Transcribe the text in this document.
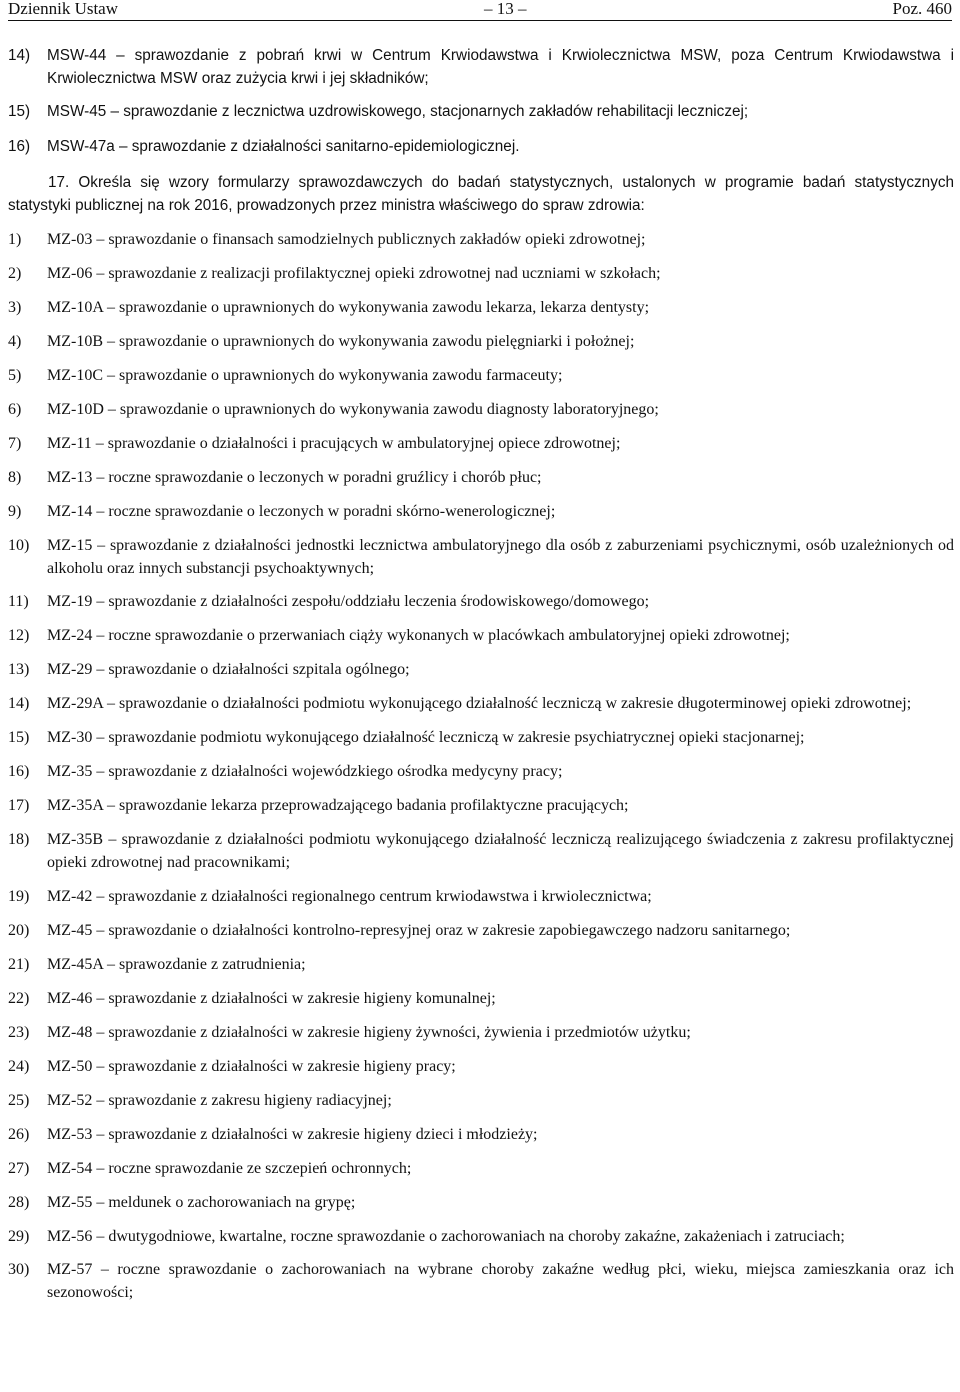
Dziennik Ustaw	– 13 –	Poz. 460
14)	MSW-44 – sprawozdanie z pobrań krwi w Centrum Krwiodawstwa i Krwiolecznictwa MSW, poza Centrum Krwiodawstwa i Krwiolecznictwa MSW oraz zużycia krwi i jej składników;
15)	MSW-45 – sprawozdanie z lecznictwa uzdrowiskowego, stacjonarnych zakładów rehabilitacji leczniczej;
16)	MSW-47a – sprawozdanie z działalności sanitarno-epidemiologicznej.
17. Określa się wzory formularzy sprawozdawczych do badań statystycznych, ustalonych w programie badań statystycznych statystyki publicznej na rok 2016, prowadzonych przez ministra właściwego do spraw zdrowia:
1)	MZ-03 – sprawozdanie o finansach samodzielnych publicznych zakładów opieki zdrowotnej;
2)	MZ-06 – sprawozdanie z realizacji profilaktycznej opieki zdrowotnej nad uczniami w szkołach;
3)	MZ-10A – sprawozdanie o uprawnionych do wykonywania zawodu lekarza, lekarza dentysty;
4)	MZ-10B – sprawozdanie o uprawnionych do wykonywania zawodu pielęgniarki i położnej;
5)	MZ-10C – sprawozdanie o uprawnionych do wykonywania zawodu farmaceuty;
6)	MZ-10D – sprawozdanie o uprawnionych do wykonywania zawodu diagnosty laboratoryjnego;
7)	MZ-11 – sprawozdanie o działalności i pracujących w ambulatoryjnej opiece zdrowotnej;
8)	MZ-13 – roczne sprawozdanie o leczonych w poradni gruźlicy i chorób płuc;
9)	MZ-14 – roczne sprawozdanie o leczonych w poradni skórno-wenerologicznej;
10)	MZ-15 – sprawozdanie z działalności jednostki lecznictwa ambulatoryjnego dla osób z zaburzeniami psychicznymi, osób uzależnionych od alkoholu oraz innych substancji psychoaktywnych;
11)	MZ-19 – sprawozdanie z działalności zespołu/oddziału leczenia środowiskowego/domowego;
12)	MZ-24 – roczne sprawozdanie o przerwaniach ciąży wykonanych w placówkach ambulatoryjnej opieki zdrowotnej;
13)	MZ-29 – sprawozdanie o działalności szpitala ogólnego;
14)	MZ-29A – sprawozdanie o działalności podmiotu wykonującego działalność leczniczą w zakresie długoterminowej opieki zdrowotnej;
15)	MZ-30 – sprawozdanie podmiotu wykonującego działalność leczniczą w zakresie psychiatrycznej opieki stacjonarnej;
16)	MZ-35 – sprawozdanie z działalności wojewódzkiego ośrodka medycyny pracy;
17)	MZ-35A – sprawozdanie lekarza przeprowadzającego badania profilaktyczne pracujących;
18)	MZ-35B – sprawozdanie z działalności podmiotu wykonującego działalność leczniczą realizującego świadczenia z zakresu profilaktycznej opieki zdrowotnej nad pracownikami;
19)	MZ-42 – sprawozdanie z działalności regionalnego centrum krwiodawstwa i krwiolecznictwa;
20)	MZ-45 – sprawozdanie o działalności kontrolno-represyjnej oraz w zakresie zapobiegawczego nadzoru sanitarnego;
21)	MZ-45A – sprawozdanie z zatrudnienia;
22)	MZ-46 – sprawozdanie z działalności w zakresie higieny komunalnej;
23)	MZ-48 – sprawozdanie z działalności w zakresie higieny żywności, żywienia i przedmiotów użytku;
24)	MZ-50 – sprawozdanie z działalności w zakresie higieny pracy;
25)	MZ-52 – sprawozdanie z zakresu higieny radiacyjnej;
26)	MZ-53 – sprawozdanie z działalności w zakresie higieny dzieci i młodzieży;
27)	MZ-54 – roczne sprawozdanie ze szczepień ochronnych;
28)	MZ-55 – meldunek o zachorowaniach na grypę;
29)	MZ-56 – dwutygodniowe, kwartalne, roczne sprawozdanie o zachorowaniach na choroby zakaźne, zakażeniach i zatruciach;
30)	MZ-57 – roczne sprawozdanie o zachorowaniach na wybrane choroby zakaźne według płci, wieku, miejsca zamieszkania oraz ich sezonowości;
